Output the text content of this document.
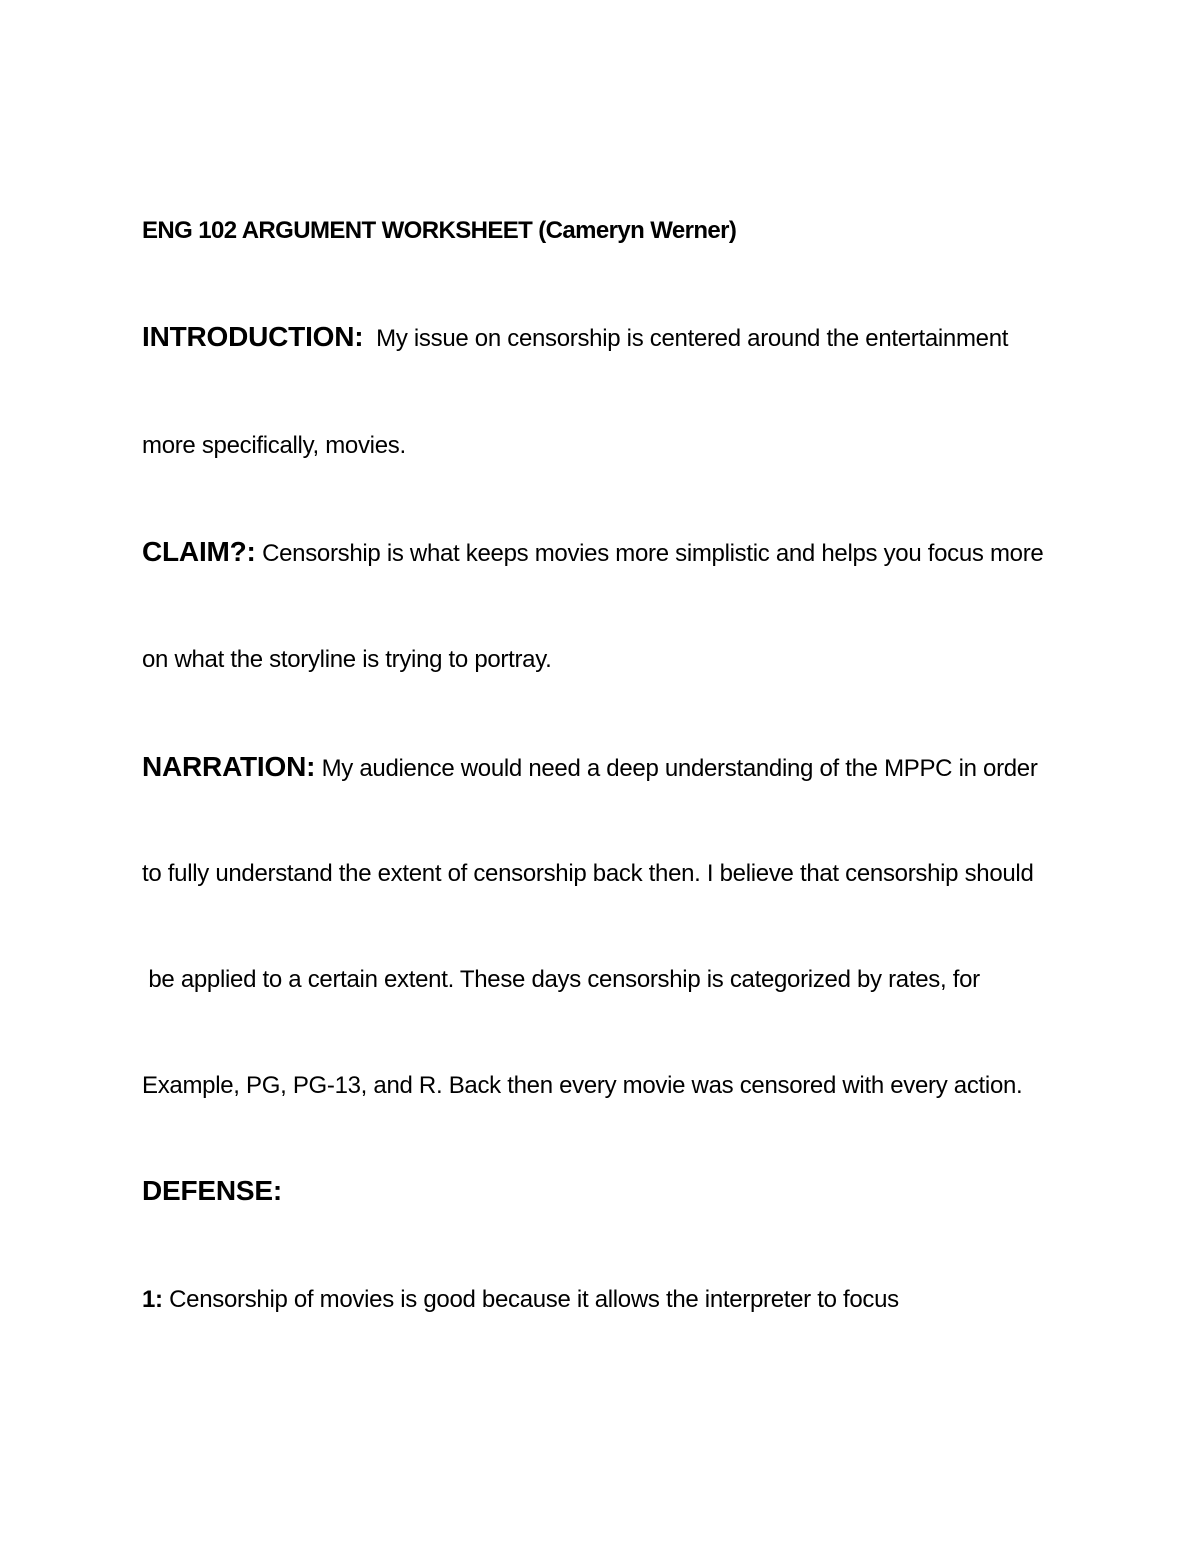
ENG 102 ARGUMENT WORKSHEET (Cameryn Werner)
INTRODUCTION: My issue on censorship is centered around the entertainment
more specifically, movies.
CLAIM?: Censorship is what keeps movies more simplistic and helps you focus more
on what the storyline is trying to portray.
NARRATION: My audience would need a deep understanding of the MPPC in order
to fully understand the extent of censorship back then. I believe that censorship should
be applied to a certain extent. These days censorship is categorized by rates, for
Example, PG, PG-13, and R. Back then every movie was censored with every action.
DEFENSE:
1: Censorship of movies is good because it allows the interpreter to focus
